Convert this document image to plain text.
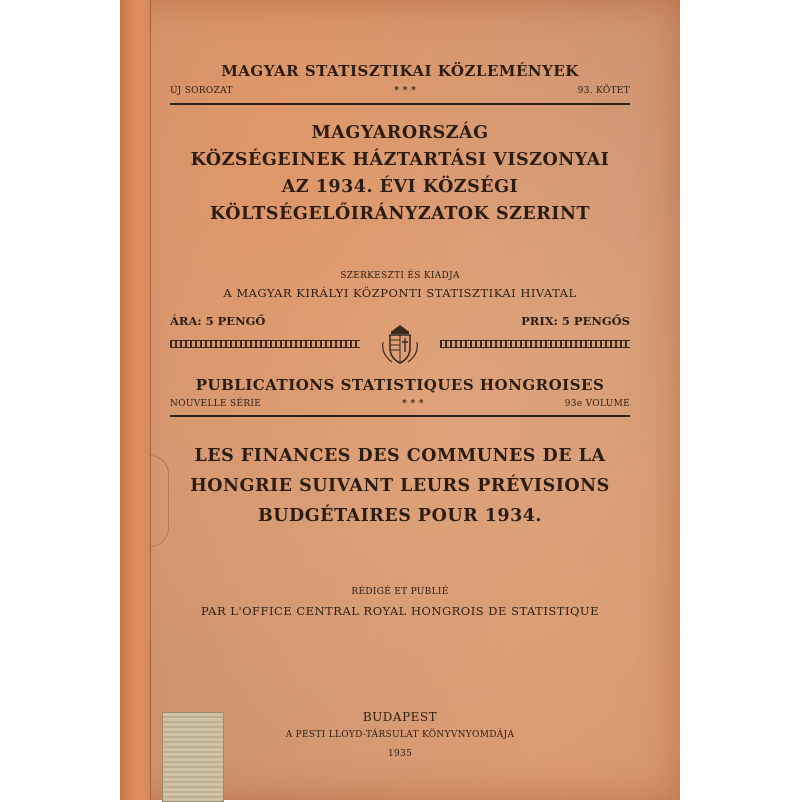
MAGYAR STATISZTIKAI KÖZLEMÉNYEK
ÚJ SOROZAT	* * *	93. KÖTET
MAGYARORSZÁG
KÖZSÉGEINEK HÁZTARTÁSI VISZONYAI
AZ 1934. ÉVI KÖZSÉGI
KÖLTSÉGELŐIRÁNYZATOK SZERINT
SZERKESZTI ÉS KIADJA
A MAGYAR KIRÁLYI KÖZPONTI STATISZTIKAI HIVATAL
ÁRA: 5 PENGŐ	PRIX: 5 PENGŐS
PUBLICATIONS STATISTIQUES HONGROISES
NOUVELLE SÉRIE	* * *	93e VOLUME
LES FINANCES DES COMMUNES DE LA
HONGRIE SUIVANT LEURS PRÉVISIONS
BUDGÉTAIRES POUR 1934.
RÉDIGÉ ET PUBLIÉ
PAR L'OFFICE CENTRAL ROYAL HONGROIS DE STATISTIQUE
BUDAPEST
A PESTI LLOYD-TÁRSULAT KÖNYVNYOMDÁJA
1935
